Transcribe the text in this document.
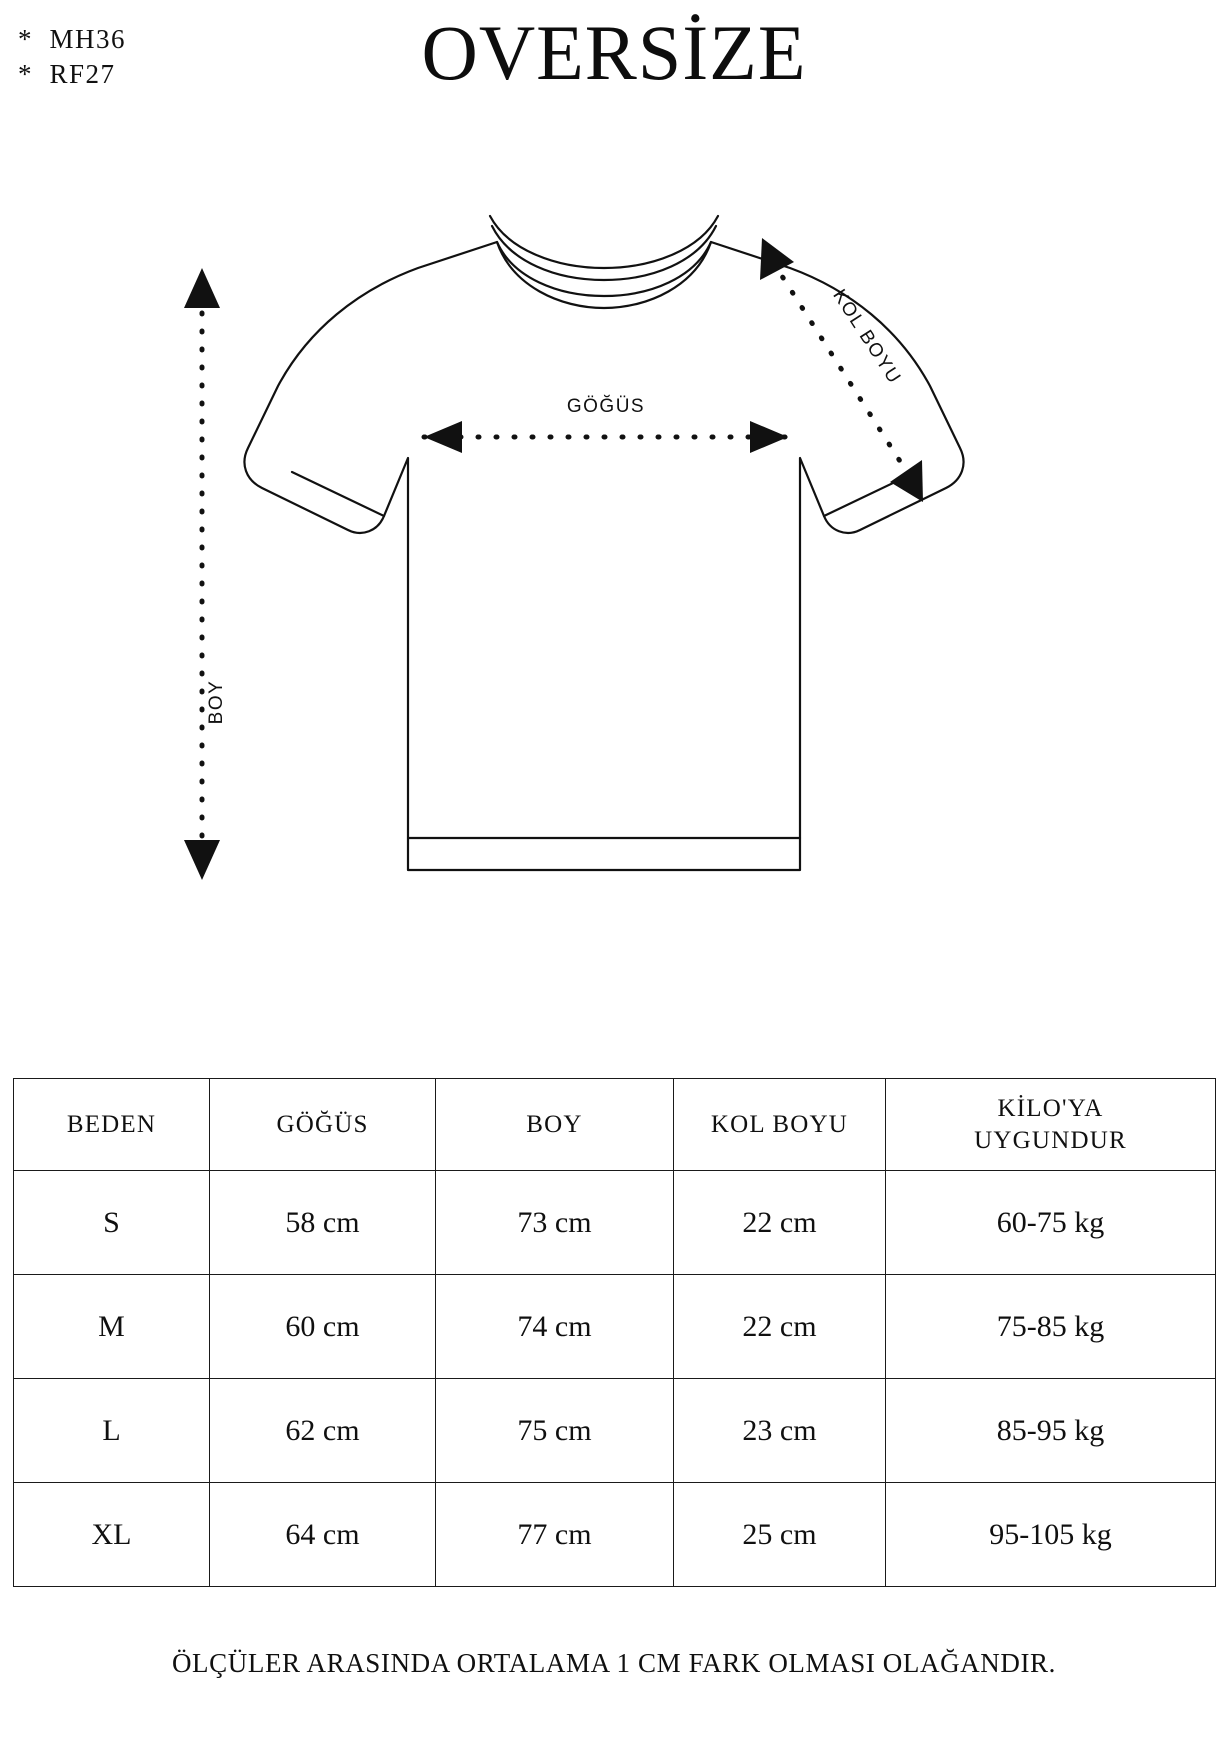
*  MH36
*  RF27	OVERSİZE
GÖĞÜS
BOY
KOL BOYU
BEDEN	GÖĞÜS	BOY	KOL BOYU	KİLO'YA
UYGUNDUR
S	58 cm	73 cm	22 cm	60-75 kg
M	60 cm	74 cm	22 cm	75-85 kg
L	62 cm	75 cm	23 cm	85-95 kg
XL	64 cm	77 cm	25 cm	95-105 kg
ÖLÇÜLER ARASINDA ORTALAMA 1 CM FARK OLMASI OLAĞANDIR.
